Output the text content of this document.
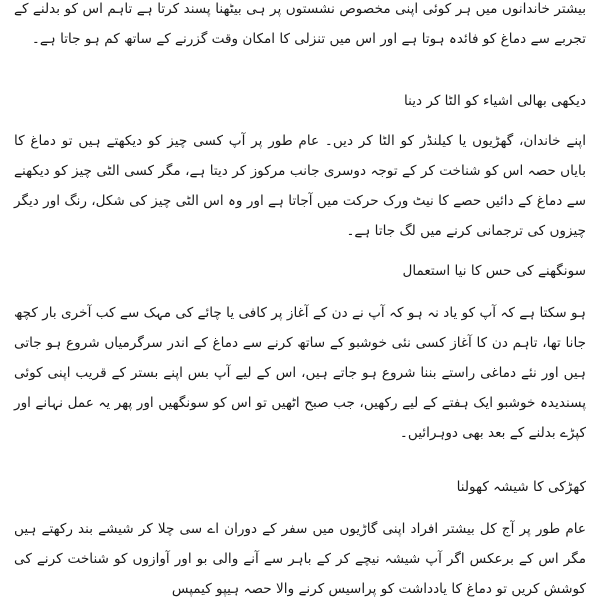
بیشتر خاندانوں میں ہر کوئی اپنی مخصوص نشستوں پر ہی بیٹھنا پسند کرتا ہے تاہم اس کو بدلنے کے تجربے سے دماغ کو فائدہ ہوتا ہے اور اس میں تنزلی کا امکان وقت گزرنے کے ساتھ کم ہو جاتا ہے۔

دیکھی بھالی اشیاء کو الٹا کر دینا

اپنے خاندان، گھڑیوں یا کیلنڈر کو الٹا کر دیں۔ عام طور پر آپ کسی چیز کو دیکھتے ہیں تو دماغ کا بایاں حصہ اس کو شناخت کر کے توجہ دوسری جانب مرکوز کر دیتا ہے، مگر کسی الٹی چیز کو دیکھنے سے دماغ کے دائیں حصے کا نیٹ ورک حرکت میں آجاتا ہے اور وہ اس الٹی چیز کی شکل، رنگ اور دیگر چیزوں کی ترجمانی کرنے میں لگ جاتا ہے۔

سونگھنے کی حس کا نیا استعمال

ہو سکتا ہے کہ آپ کو یاد نہ ہو کہ آپ نے دن کے آغاز پر کافی یا چائے کی مہک سے کب آخری بار کچھ جانا تھا، تاہم دن کا آغاز کسی نئی خوشبو کے ساتھ کرنے سے دماغ کے اندر سرگرمیاں شروع ہو جاتی ہیں اور نئے دماغی راستے بننا شروع ہو جاتے ہیں، اس کے لیے آپ بس اپنے بستر کے قریب اپنی کوئی پسندیدہ خوشبو ایک ہفتے کے لیے رکھیں، جب صبح اٹھیں تو اس کو سونگھیں اور پھر یہ عمل نہانے اور کپڑے بدلنے کے بعد بھی دوہرائیں۔

کھڑکی کا شیشہ کھولنا

عام طور پر آج کل بیشتر افراد اپنی گاڑیوں میں سفر کے دوران اے سی چلا کر شیشے بند رکھتے ہیں مگر اس کے برعکس اگر آپ شیشہ نیچے کر کے باہر سے آنے والی بو اور آوازوں کو شناخت کرنے کی کوشش کریں تو دماغ کا یادداشت کو پراسیس کرنے والا حصہ ہیپو کیمپس
